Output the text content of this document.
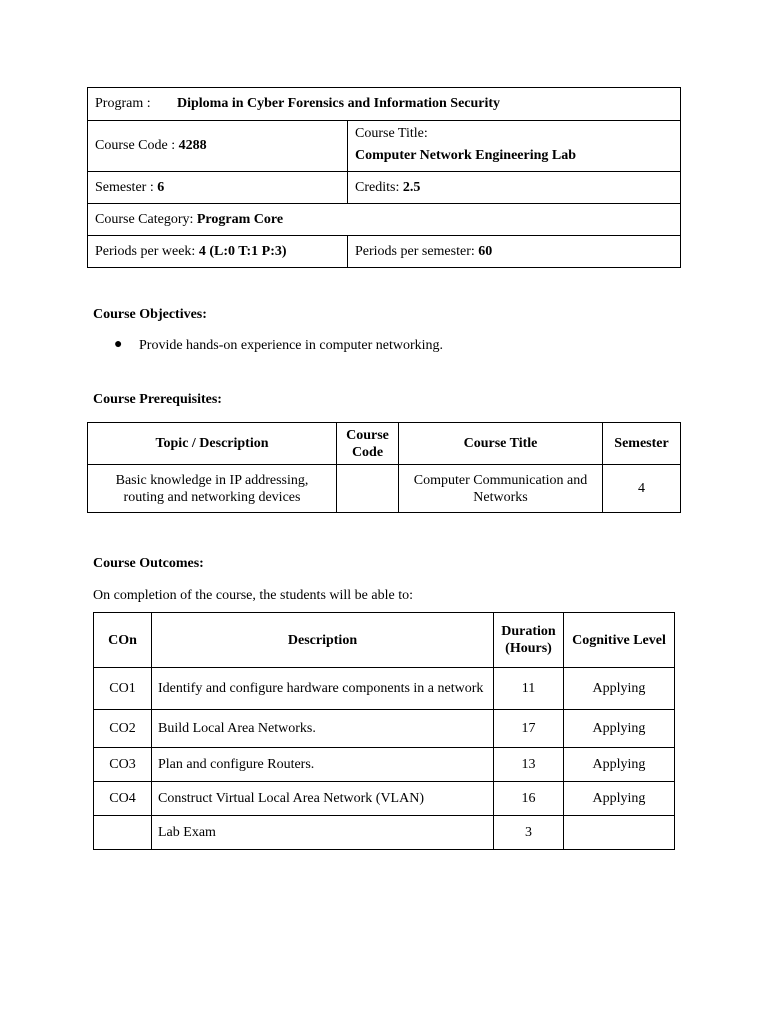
Program : Diploma in Cyber Forensics and Information Security	
Course Code : 4288	Course Title:Computer Network Engineering Lab
Semester : 6	Credits: 2.5
Course Category: Program Core	
Periods per week: 4 (L:0 T:1 P:3)	Periods per semester: 60
Course Objectives:
● Provide hands-on experience in computer networking.
Course Prerequisites:
Topic / Description	Course Code	Course Title	Semester
Basic knowledge in IP addressing, routing and networking devices		Computer Communication and Networks	4
Course Outcomes:
On completion of the course, the students will be able to:
COn	Description	Duration (Hours)	Cognitive Level
CO1	Identify and configure hardware components in a network	11	Applying
CO2	Build Local Area Networks.	17	Applying
CO3	Plan and configure Routers.	13	Applying
CO4	Construct Virtual Local Area Network (VLAN)	16	Applying
	Lab Exam	3	
